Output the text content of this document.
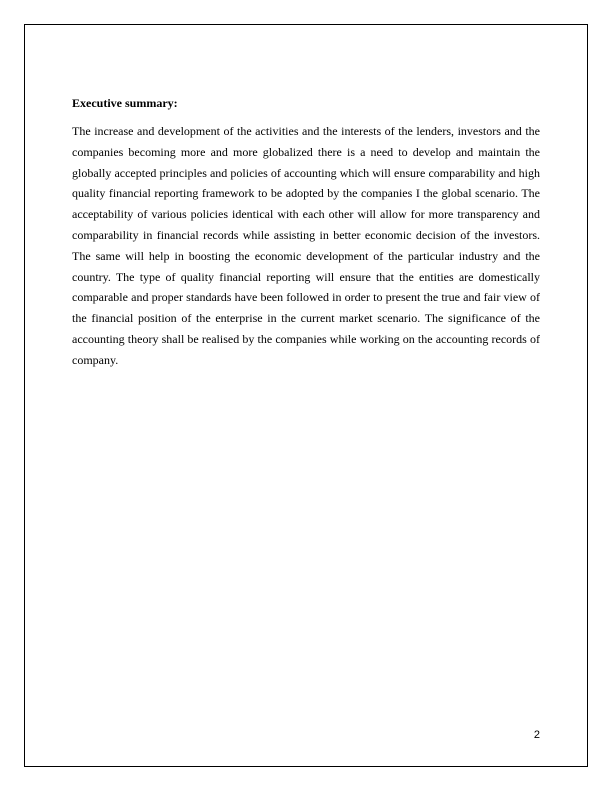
Executive summary:

The increase and development of the activities and the interests of the lenders, investors and the companies becoming more and more globalized there is a need to develop and maintain the globally accepted principles and policies of accounting which will ensure comparability and high quality financial reporting framework to be adopted by the companies I the global scenario. The acceptability of various policies identical with each other will allow for more transparency and comparability in financial records while assisting in better economic decision of the investors. The same will help in boosting the economic development of the particular industry and the country. The type of quality financial reporting will ensure that the entities are domestically comparable and proper standards have been followed in order to present the true and fair view of the financial position of the enterprise in the current market scenario. The significance of the accounting theory shall be realised by the companies while working on the accounting records of company.

2
